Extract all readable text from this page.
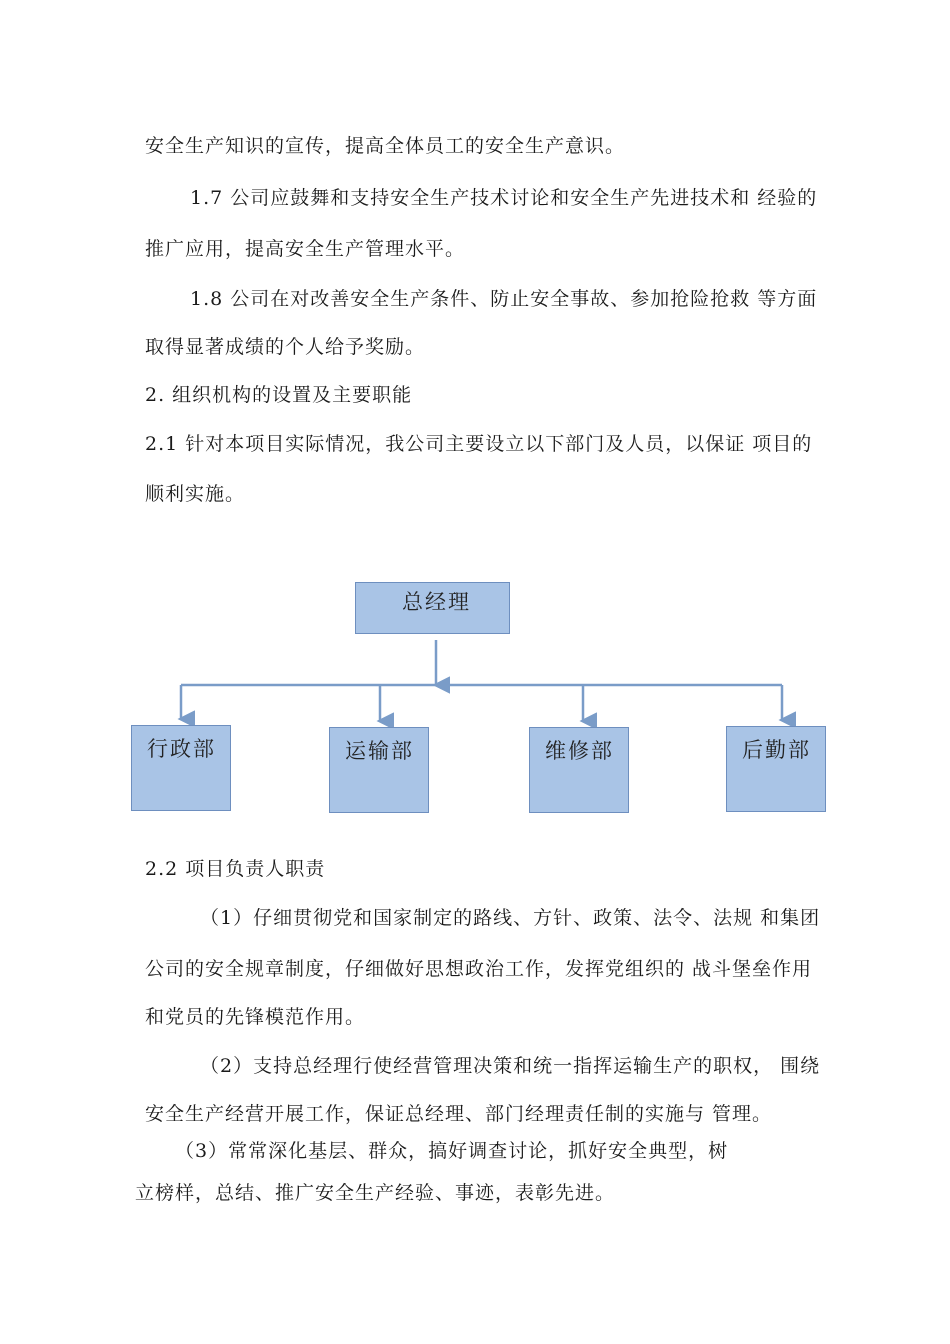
安全生产知识的宣传，提高全体员工的安全生产意识。
1.7 公司应鼓舞和支持安全生产技术讨论和安全生产先进技术和 经验的
推广应用，提高安全生产管理水平。
1.8 公司在对改善安全生产条件、防止安全事故、参加抢险抢救 等方面
取得显著成绩的个人给予奖励。
2. 组织机构的设置及主要职能
2.1 针对本项目实际情况，我公司主要设立以下部门及人员，以保证 项目的
顺利实施。
总经理
行政部	运输部	维修部	后勤部
2.2 项目负责人职责
（1）仔细贯彻党和国家制定的路线、方针、政策、法令、法规 和集团
公司的安全规章制度，仔细做好思想政治工作，发挥党组织的 战斗堡垒作用
和党员的先锋模范作用。
（2）支持总经理行使经营管理决策和统一指挥运输生产的职权， 围绕
安全生产经营开展工作，保证总经理、部门经理责任制的实施与 管理。
（3）常常深化基层、群众，搞好调查讨论，抓好安全典型，树
立榜样，总结、推广安全生产经验、事迹，表彰先进。
